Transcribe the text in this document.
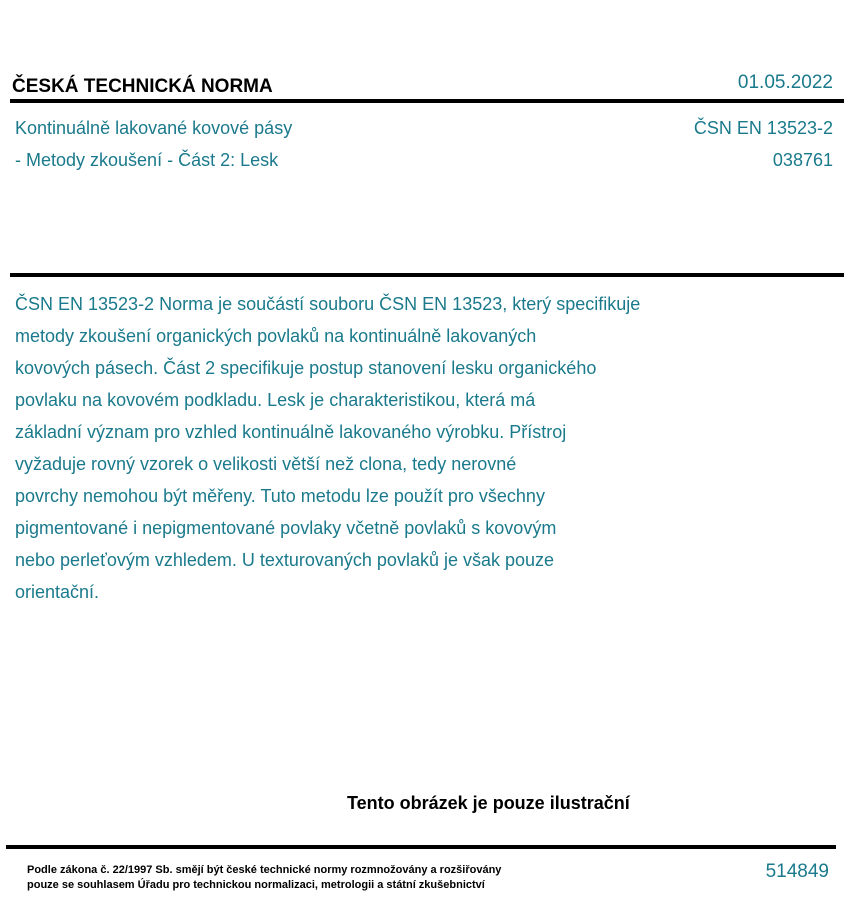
ČESKÁ TECHNICKÁ NORMA	01.05.2022
Kontinuálně lakované kovové pásy
- Metody zkoušení - Část 2: Lesk
ČSN EN 13523-2
038761
ČSN EN 13523-2 Norma je součástí souboru ČSN EN 13523, který specifikuje
metody zkoušení organických povlaků na kontinuálně lakovaných
kovových pásech. Část 2 specifikuje postup stanovení lesku organického
povlaku na kovovém podkladu. Lesk je charakteristikou, která má
základní význam pro vzhled kontinuálně lakovaného výrobku. Přístroj
vyžaduje rovný vzorek o velikosti větší než clona, tedy nerovné
povrchy nemohou být měřeny. Tuto metodu lze použít pro všechny
pigmentované i nepigmentované povlaky včetně povlaků s kovovým
nebo perleťovým vzhledem. U texturovaných povlaků je však pouze
orientační.
Tento obrázek je pouze ilustrační
Podle zákona č. 22/1997 Sb. smějí být české technické normy rozmnožovány a rozšiřovány
pouze se souhlasem Úřadu pro technickou normalizaci, metrologii a státní zkušebnictví
514849
